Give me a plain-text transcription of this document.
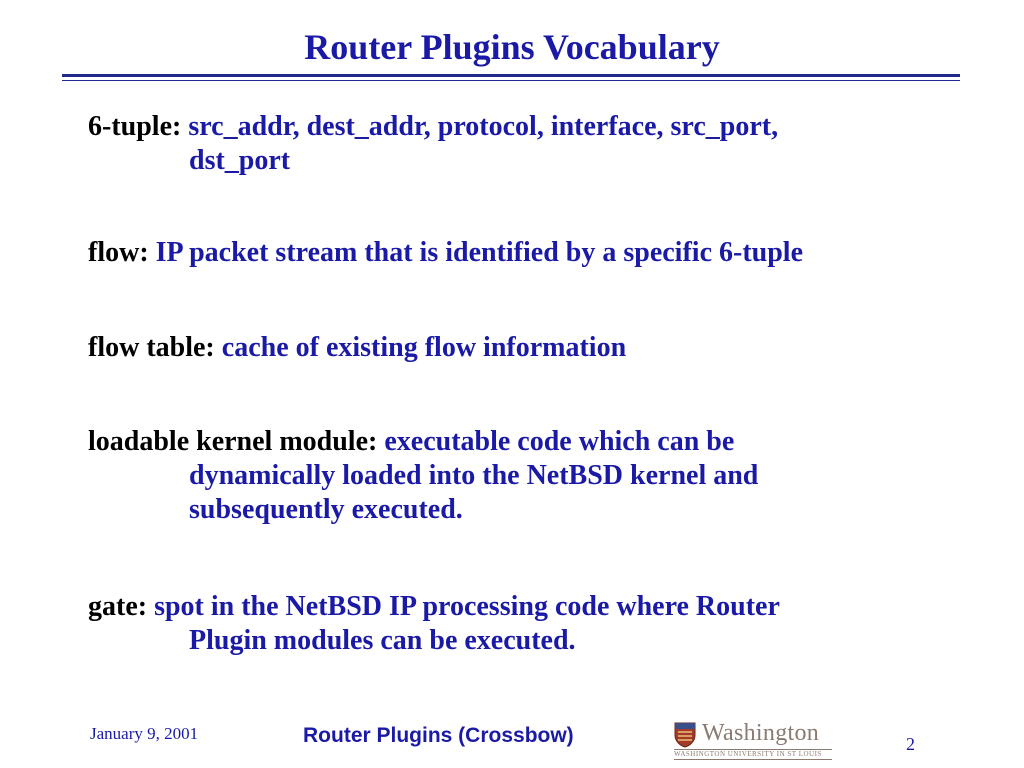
Router Plugins Vocabulary
6-tuple: src_addr, dest_addr, protocol, interface, src_port,
dst_port
flow: IP packet stream that is identified by a specific 6-tuple
flow table: cache of existing flow information
loadable kernel module: executable code which can be
dynamically loaded into the NetBSD kernel and
subsequently executed.
gate: spot in the NetBSD IP processing code where Router
Plugin modules can be executed.
January 9, 2001	Router Plugins (Crossbow)	Washington
WASHINGTON UNIVERSITY IN ST LOUIS	2
